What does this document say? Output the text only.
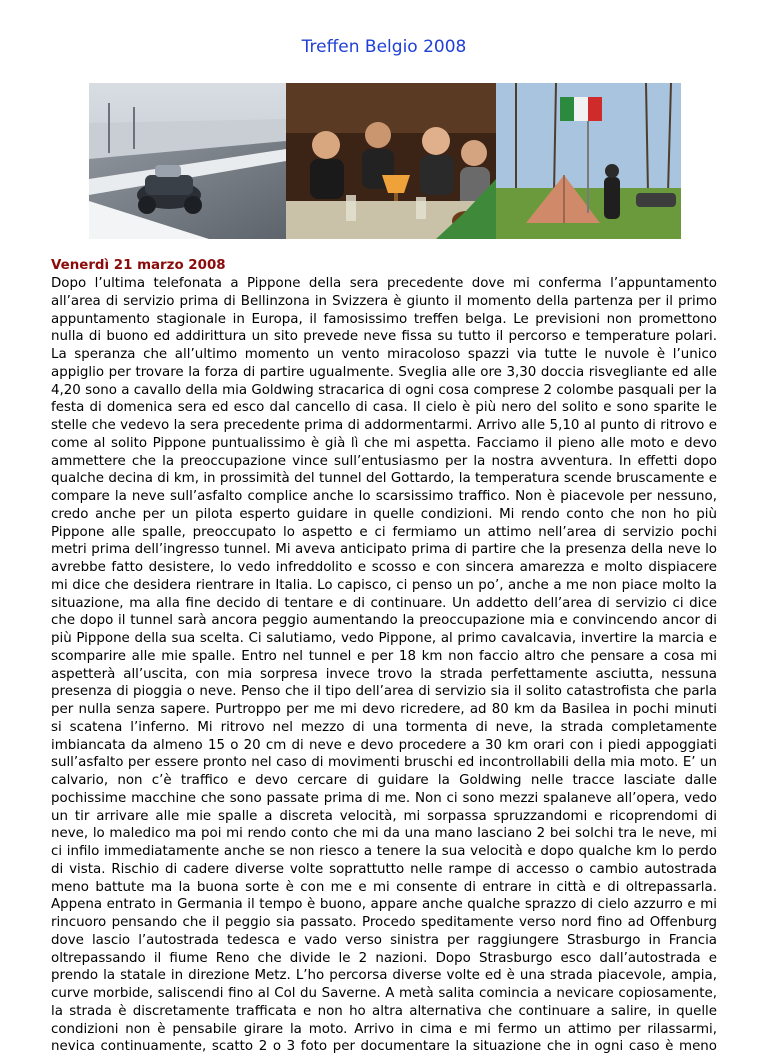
Treffen Belgio 2008
Venerdì 21 marzo 2008
Dopo l’ultima telefonata a Pippone della sera precedente dove mi conferma l’appuntamento
all’area di servizio prima di Bellinzona in Svizzera è giunto il momento della partenza per il primo
appuntamento stagionale in Europa, il famosissimo treffen belga. Le previsioni non promettono
nulla di buono ed addirittura un sito prevede neve fissa su tutto il percorso e temperature polari.
La speranza che all’ultimo momento un vento miracoloso spazzi via tutte le nuvole è l’unico
appiglio per trovare la forza di partire ugualmente. Sveglia alle ore 3,30 doccia risvegliante ed alle
4,20 sono a cavallo della mia Goldwing stracarica di ogni cosa comprese 2 colombe pasquali per la
festa di domenica sera ed esco dal cancello di casa. Il cielo è più nero del solito e sono sparite le
stelle che vedevo la sera precedente prima di addormentarmi. Arrivo alle 5,10 al punto di ritrovo e
come al solito Pippone puntualissimo è già lì che mi aspetta. Facciamo il pieno alle moto e devo
ammettere che la preoccupazione vince sull’entusiasmo per la nostra avventura. In effetti dopo
qualche decina di km, in prossimità del tunnel del Gottardo, la temperatura scende bruscamente e
compare la neve sull’asfalto complice anche lo scarsissimo traffico. Non è piacevole per nessuno,
credo anche per un pilota esperto guidare in quelle condizioni. Mi rendo conto che non ho più
Pippone alle spalle, preoccupato lo aspetto e ci fermiamo un attimo nell’area di servizio pochi
metri prima dell’ingresso tunnel. Mi aveva anticipato prima di partire che la presenza della neve lo
avrebbe fatto desistere, lo vedo infreddolito e scosso e con sincera amarezza e molto dispiacere
mi dice che desidera rientrare in Italia. Lo capisco, ci penso un po’, anche a me non piace molto la
situazione, ma alla fine decido di tentare e di continuare. Un addetto dell’area di servizio ci dice
che dopo il tunnel sarà ancora peggio aumentando la preoccupazione mia e convincendo ancor di
più Pippone della sua scelta. Ci salutiamo, vedo Pippone, al primo cavalcavia, invertire la marcia e
scomparire alle mie spalle. Entro nel tunnel e per 18 km non faccio altro che pensare a cosa mi
aspetterà all’uscita, con mia sorpresa invece trovo la strada perfettamente asciutta, nessuna
presenza di pioggia o neve. Penso che il tipo dell’area di servizio sia il solito catastrofista che parla
per nulla senza sapere. Purtroppo per me mi devo ricredere, ad 80 km da Basilea in pochi minuti
si scatena l’inferno. Mi ritrovo nel mezzo di una tormenta di neve, la strada completamente
imbiancata da almeno 15 o 20 cm di neve e devo procedere a 30 km orari con i piedi appoggiati
sull’asfalto per essere pronto nel caso di movimenti bruschi ed incontrollabili della mia moto. E’ un
calvario, non c’è traffico e devo cercare di guidare la Goldwing nelle tracce lasciate dalle
pochissime macchine che sono passate prima di me. Non ci sono mezzi spalaneve all’opera, vedo
un tir arrivare alle mie spalle a discreta velocità, mi sorpassa spruzzandomi e ricoprendomi di
neve, lo maledico ma poi mi rendo conto che mi da una mano lasciano 2 bei solchi tra le neve, mi
ci infilo immediatamente anche se non riesco a tenere la sua velocità e dopo qualche km lo perdo
di vista. Rischio di cadere diverse volte soprattutto nelle rampe di accesso o cambio autostrada
meno battute ma la buona sorte è con me e mi consente di entrare in città e di oltrepassarla.
Appena entrato in Germania il tempo è buono, appare anche qualche sprazzo di cielo azzurro e mi
rincuoro pensando che il peggio sia passato. Procedo speditamente verso nord fino ad Offenburg
dove lascio l’autostrada tedesca e vado verso sinistra per raggiungere Strasburgo in Francia
oltrepassando il fiume Reno che divide le 2 nazioni. Dopo Strasburgo esco dall’autostrada e
prendo la statale in direzione Metz. L’ho percorsa diverse volte ed è una strada piacevole, ampia,
curve morbide, saliscendi fino al Col du Saverne. A metà salita comincia a nevicare copiosamente,
la strada è discretamente trafficata e non ho altra alternativa che continuare a salire, in quelle
condizioni non è pensabile girare la moto. Arrivo in cima e mi fermo un attimo per rilassarmi,
nevica continuamente, scatto 2 o 3 foto per documentare la situazione che in ogni caso è meno
